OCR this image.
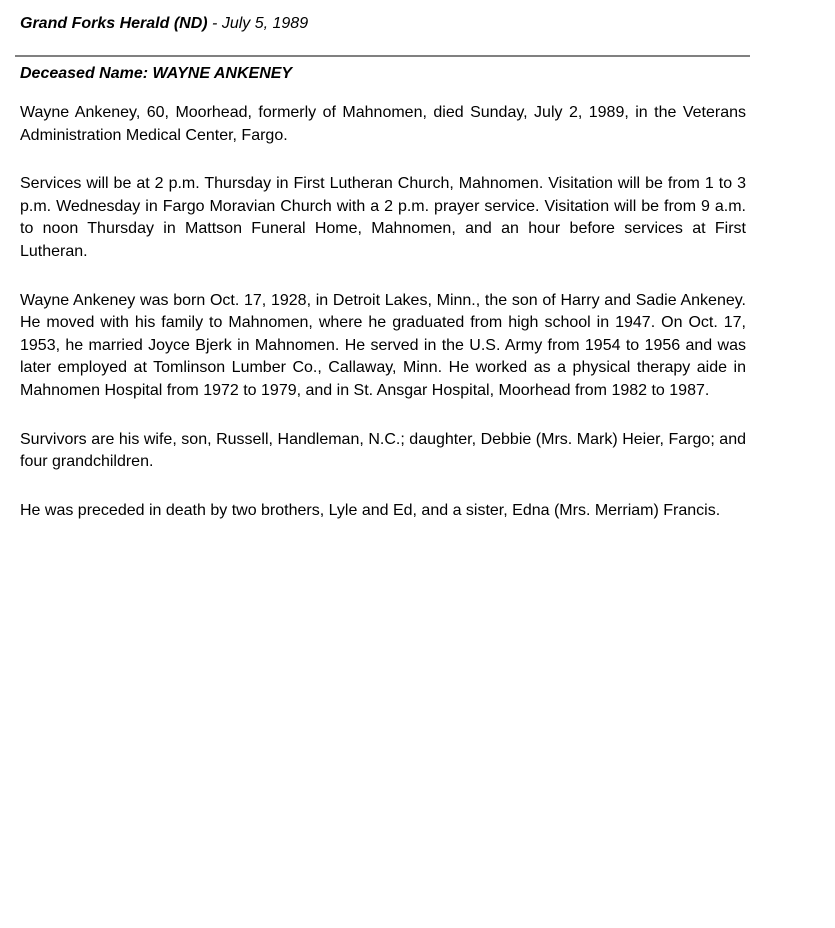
Grand Forks Herald (ND) - July 5, 1989
Deceased Name: WAYNE ANKENEY

Wayne Ankeney, 60, Moorhead, formerly of Mahnomen, died Sunday, July 2, 1989, in the Veterans Administration Medical Center, Fargo.

Services will be at 2 p.m. Thursday in First Lutheran Church, Mahnomen. Visitation will be from 1 to 3 p.m. Wednesday in Fargo Moravian Church with a 2 p.m. prayer service. Visitation will be from 9 a.m. to noon Thursday in Mattson Funeral Home, Mahnomen, and an hour before services at First Lutheran.

Wayne Ankeney was born Oct. 17, 1928, in Detroit Lakes, Minn., the son of Harry and Sadie Ankeney. He moved with his family to Mahnomen, where he graduated from high school in 1947. On Oct. 17, 1953, he married Joyce Bjerk in Mahnomen. He served in the U.S. Army from 1954 to 1956 and was later employed at Tomlinson Lumber Co., Callaway, Minn. He worked as a physical therapy aide in Mahnomen Hospital from 1972 to 1979, and in St. Ansgar Hospital, Moorhead from 1982 to 1987.

Survivors are his wife, son, Russell, Handleman, N.C.; daughter, Debbie (Mrs. Mark) Heier, Fargo; and four grandchildren.

He was preceded in death by two brothers, Lyle and Ed, and a sister, Edna (Mrs. Merriam) Francis.
